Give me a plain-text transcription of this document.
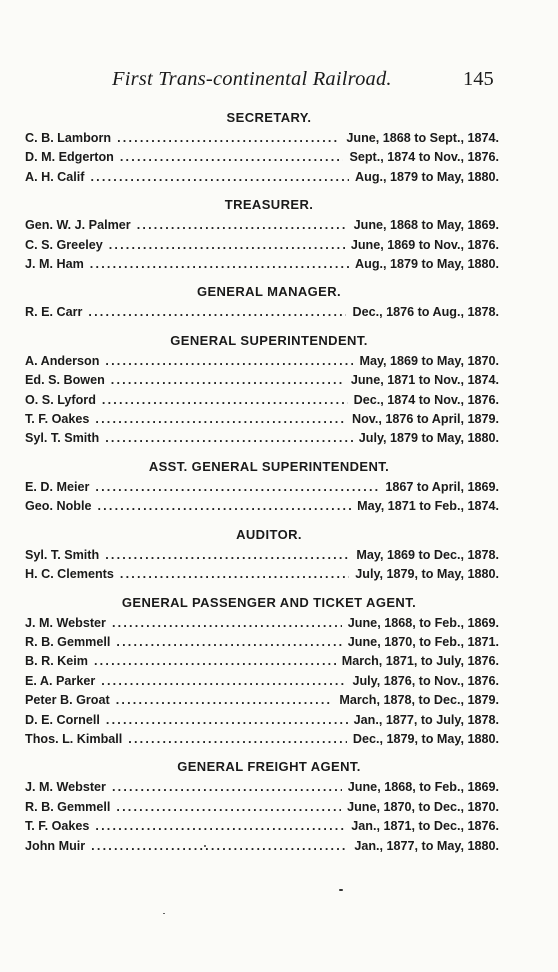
First Trans-continental Railroad.	145
SECRETARY.
C. B. Lamborn .....	June, 1868 to Sept., 1874.
D. M. Edgerton .....	Sept., 1874 to Nov., 1876.
A. H. Calif .....	Aug., 1879 to May, 1880.
TREASURER.
Gen. W. J. Palmer .....	June, 1868 to May, 1869.
C. S. Greeley .....	June, 1869 to Nov., 1876.
J. M. Ham .....	Aug., 1879 to May, 1880.
GENERAL MANAGER.
R. E. Carr .....	Dec., 1876 to Aug., 1878.
GENERAL SUPERINTENDENT.
A. Anderson .....	May, 1869 to May, 1870.
Ed. S. Bowen .....	June, 1871 to Nov., 1874.
O. S. Lyford .....	Dec., 1874 to Nov., 1876.
T. F. Oakes .....	Nov., 1876 to April, 1879.
Syl. T. Smith .....	July, 1879 to May, 1880.
ASST. GENERAL SUPERINTENDENT.
E. D. Meier .....	1867 to April, 1869.
Geo. Noble .....	May, 1871 to Feb., 1874.
AUDITOR.
Syl. T. Smith .....	May, 1869 to Dec., 1878.
H. C. Clements .....	July, 1879, to May, 1880.
GENERAL PASSENGER AND TICKET AGENT.
J. M. Webster .....	June, 1868, to Feb., 1869.
R. B. Gemmell .....	June, 1870, to Feb., 1871.
B. R. Keim .....	March, 1871, to July, 1876.
E. A. Parker .....	July, 1876, to Nov., 1876.
Peter B. Groat .....	March, 1878, to Dec., 1879.
D. E. Cornell .....	Jan., 1877, to July, 1878.
Thos. L. Kimball .....	Dec., 1879, to May, 1880.
GENERAL FREIGHT AGENT.
J. M. Webster .....	June, 1868, to Feb., 1869.
R. B. Gemmell .....	June, 1870, to Dec., 1870.
T. F. Oakes .....	Jan., 1871, to Dec., 1876.
John Muir .....	Jan., 1877, to May, 1880.
